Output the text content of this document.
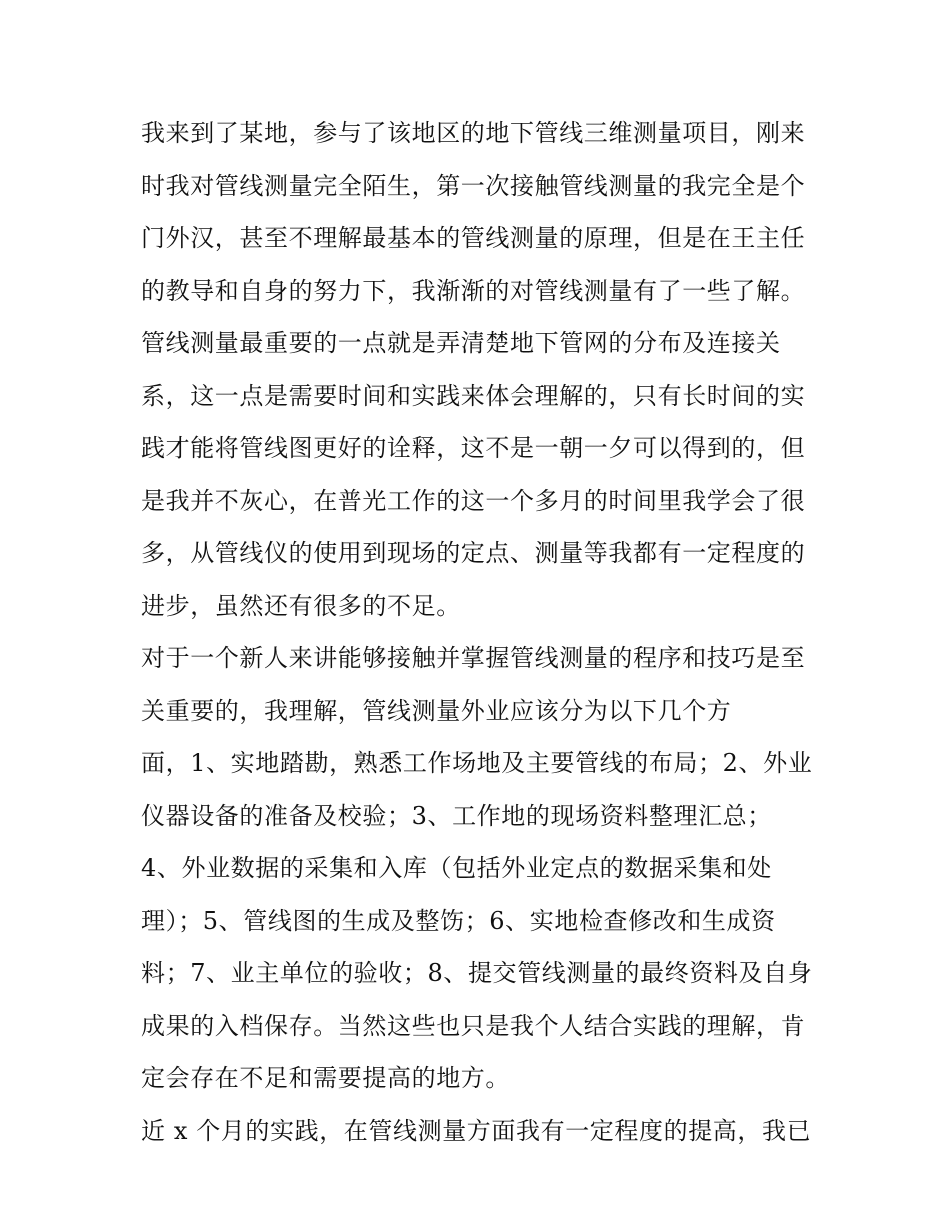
我来到了某地，参与了该地区的地下管线三维测量项目，刚来
时我对管线测量完全陌生，第一次接触管线测量的我完全是个
门外汉，甚至不理解最基本的管线测量的原理，但是在王主任
的教导和自身的努力下，我渐渐的对管线测量有了一些了解。
管线测量最重要的一点就是弄清楚地下管网的分布及连接关
系，这一点是需要时间和实践来体会理解的，只有长时间的实
践才能将管线图更好的诠释，这不是一朝一夕可以得到的，但
是我并不灰心，在普光工作的这一个多月的时间里我学会了很
多，从管线仪的使用到现场的定点、测量等我都有一定程度的
进步，虽然还有很多的不足。
对于一个新人来讲能够接触并掌握管线测量的程序和技巧是至
关重要的，我理解，管线测量外业应该分为以下几个方
面，1、实地踏勘，熟悉工作场地及主要管线的布局；2、外业
仪器设备的准备及校验；3、工作地的现场资料整理汇总；
4、外业数据的采集和入库（包括外业定点的数据采集和处
理）；5、管线图的生成及整饬；6、实地检查修改和生成资
料；7、业主单位的验收；8、提交管线测量的最终资料及自身
成果的入档保存。当然这些也只是我个人结合实践的理解，肯
定会存在不足和需要提高的地方。
近 x 个月的实践，在管线测量方面我有一定程度的提高，我已
